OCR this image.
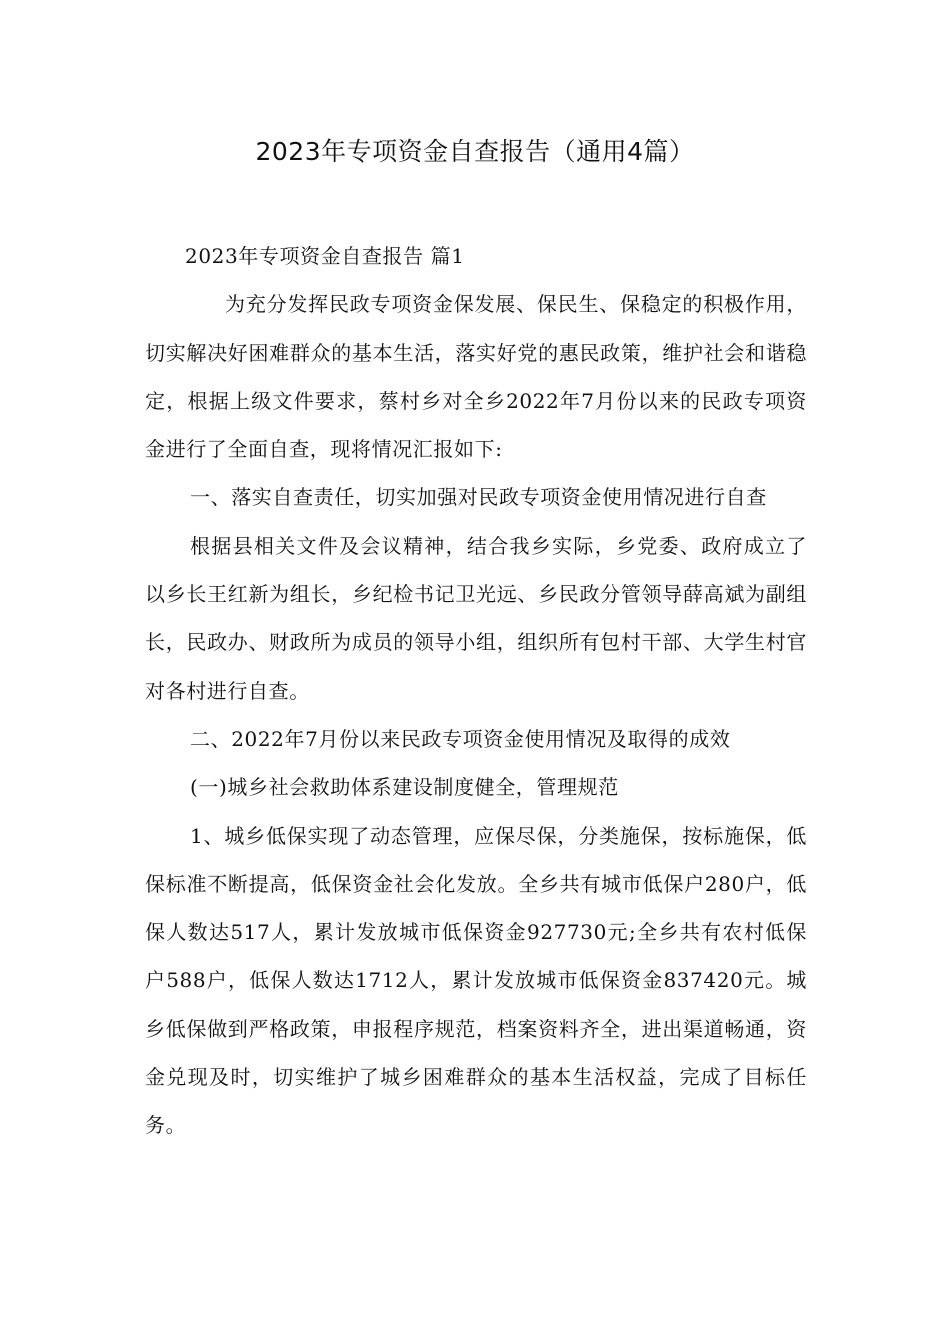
2023年专项资金自查报告（通用4篇）

2023年专项资金自查报告 篇1

为充分发挥民政专项资金保发展、保民生、保稳定的积极作用，切实解决好困难群众的基本生活，落实好党的惠民政策，维护社会和谐稳定，根据上级文件要求，蔡村乡对全乡2022年7月份以来的民政专项资金进行了全面自查，现将情况汇报如下:

一、落实自查责任，切实加强对民政专项资金使用情况进行自查

根据县相关文件及会议精神，结合我乡实际，乡党委、政府成立了以乡长王红新为组长，乡纪检书记卫光远、乡民政分管领导薛高斌为副组长，民政办、财政所为成员的领导小组，组织所有包村干部、大学生村官对各村进行自查。

二、2022年7月份以来民政专项资金使用情况及取得的成效

(一)城乡社会救助体系建设制度健全，管理规范

1、城乡低保实现了动态管理，应保尽保，分类施保，按标施保，低保标准不断提高，低保资金社会化发放。全乡共有城市低保户280户，低保人数达517人，累计发放城市低保资金927730元;全乡共有农村低保户588户，低保人数达1712人，累计发放城市低保资金837420元。城乡低保做到严格政策，申报程序规范，档案资料齐全，进出渠道畅通，资金兑现及时，切实维护了城乡困难群众的基本生活权益，完成了目标任务。
